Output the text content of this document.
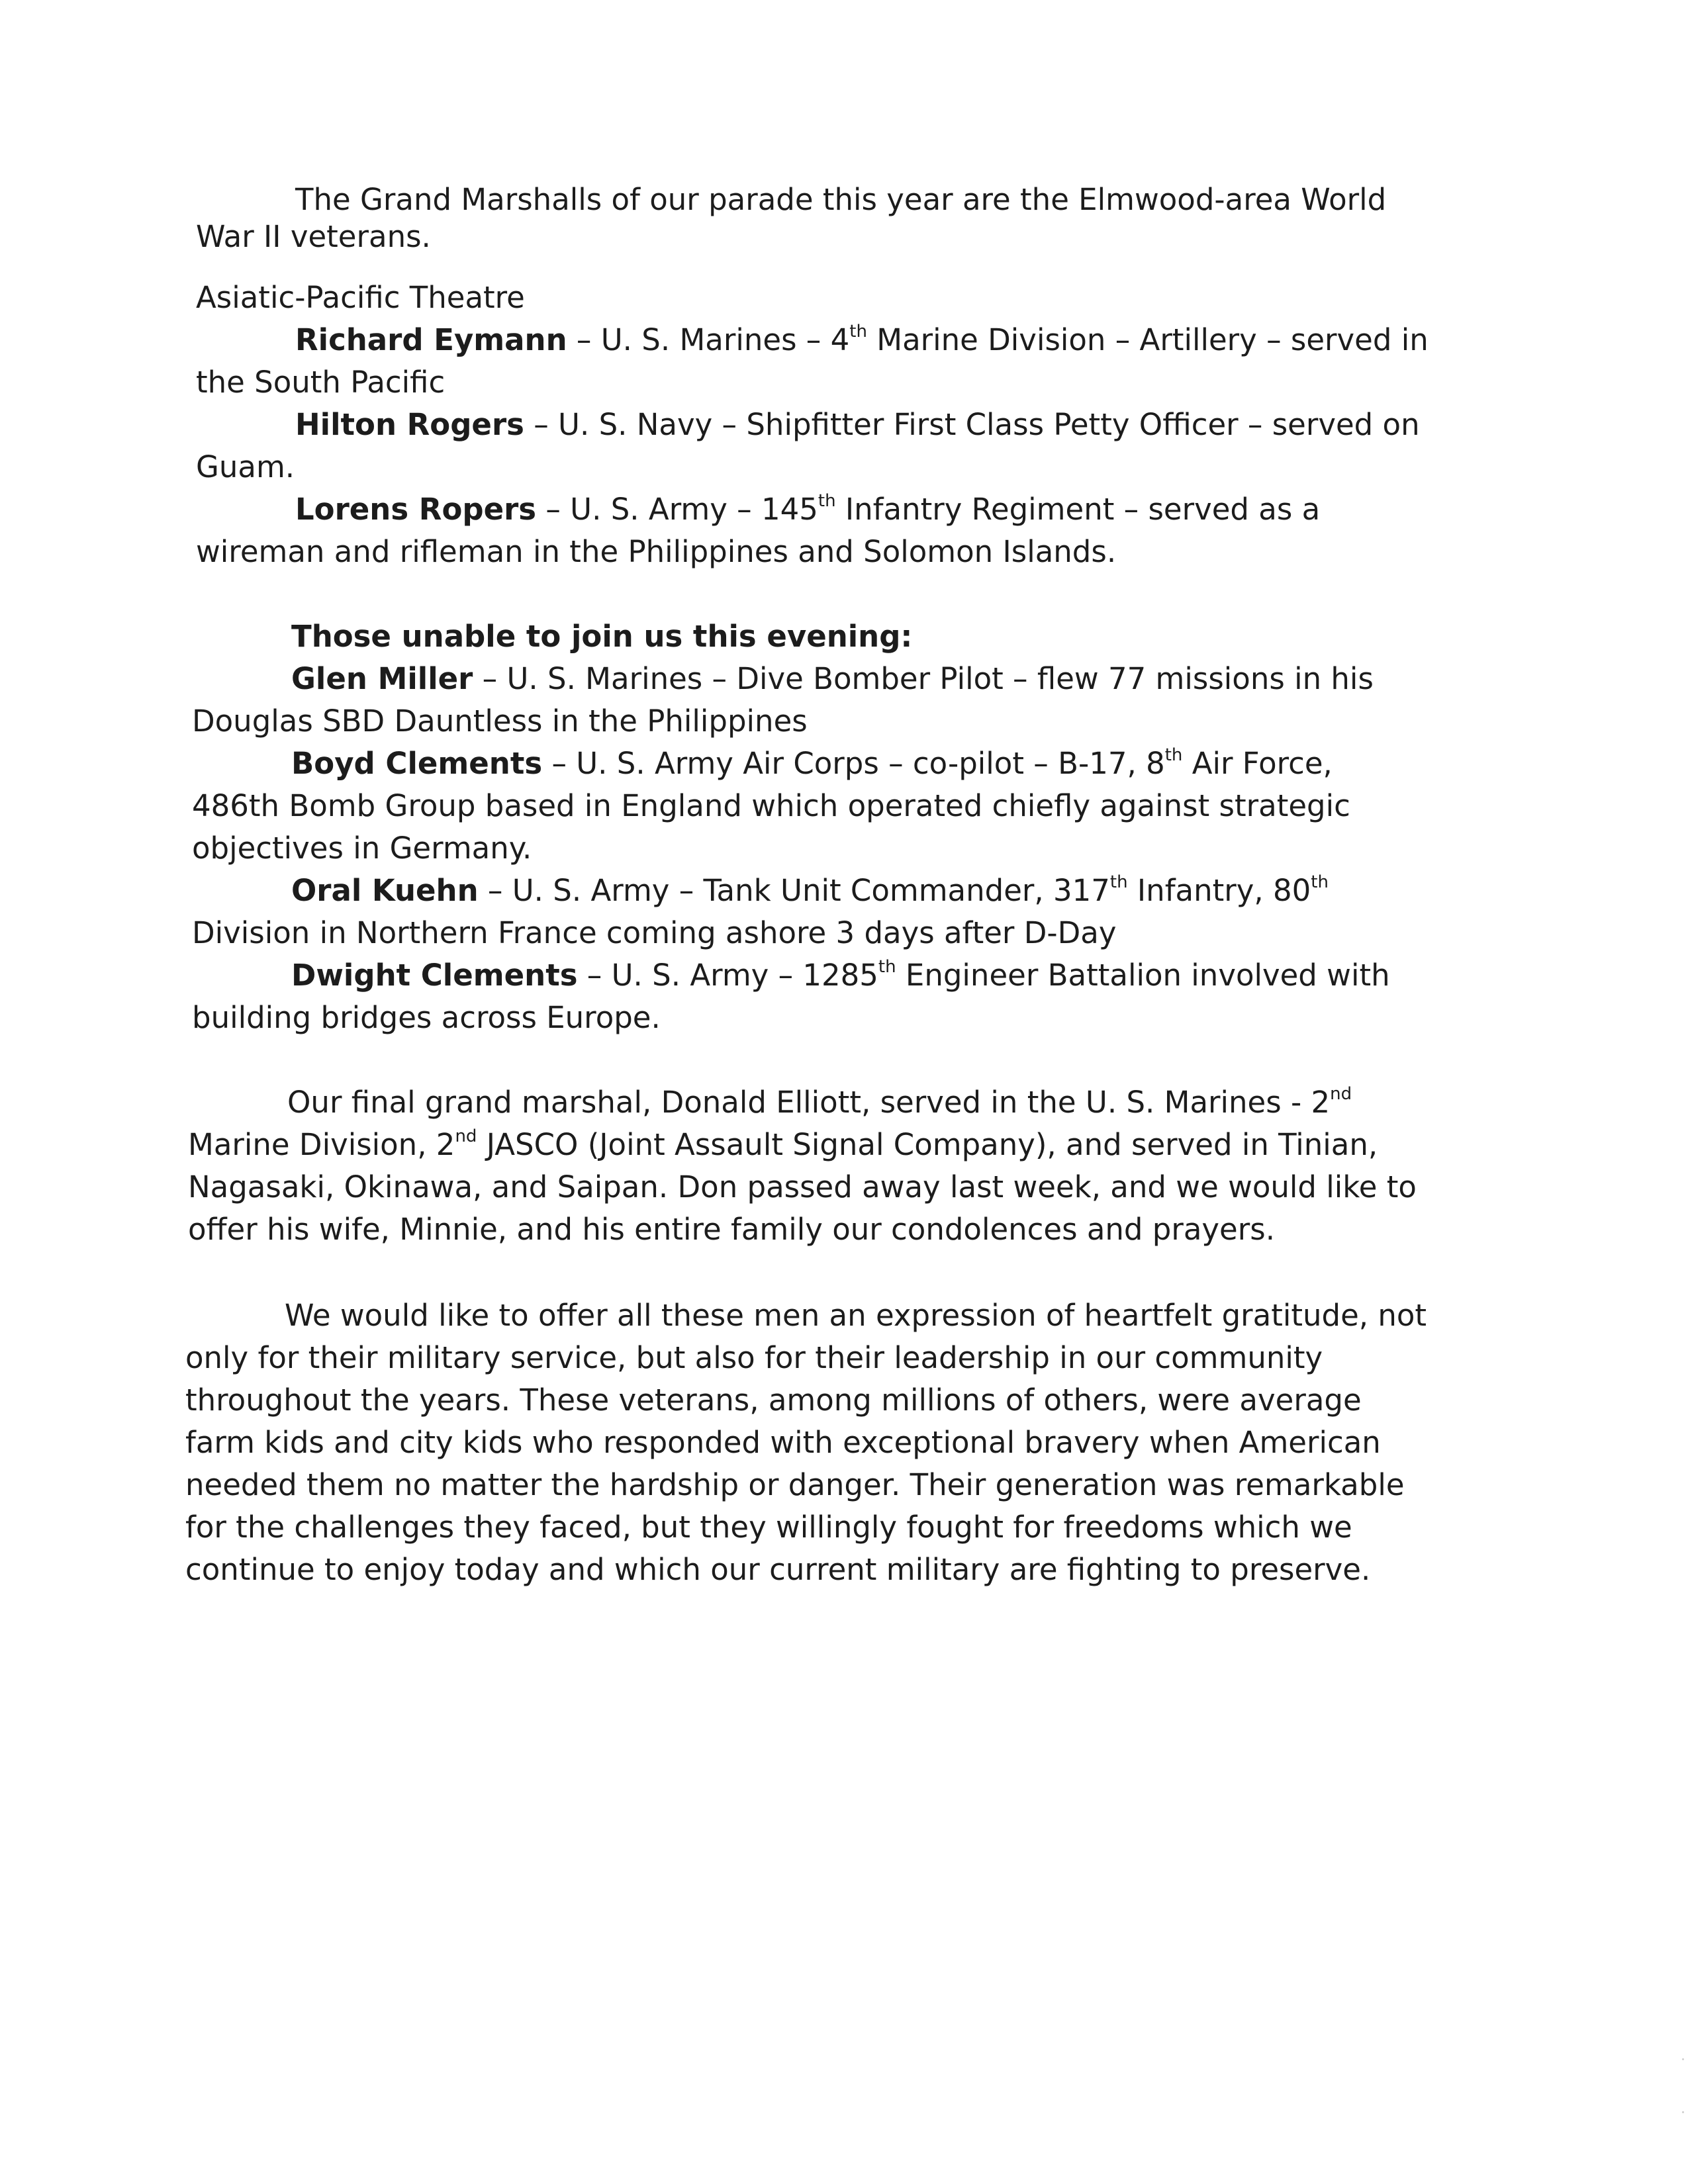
The Grand Marshalls of our parade this year are the Elmwood-area World
War II veterans.
Asiatic-Pacific Theatre
Richard Eymann – U. S. Marines – 4th Marine Division – Artillery – served in
the South Pacific
Hilton Rogers – U. S. Navy – Shipfitter First Class Petty Officer – served on
Guam.
Lorens Ropers – U. S. Army – 145th Infantry Regiment – served as a
wireman and rifleman in the Philippines and Solomon Islands.
Those unable to join us this evening:
Glen Miller – U. S. Marines – Dive Bomber Pilot – flew 77 missions in his
Douglas SBD Dauntless in the Philippines
Boyd Clements – U. S. Army Air Corps – co-pilot – B-17, 8th Air Force,
486th Bomb Group based in England which operated chiefly against strategic
objectives in Germany.
Oral Kuehn – U. S. Army – Tank Unit Commander, 317th Infantry, 80th
Division in Northern France coming ashore 3 days after D-Day
Dwight Clements – U. S. Army – 1285th Engineer Battalion involved with
building bridges across Europe.
Our final grand marshal, Donald Elliott, served in the U. S. Marines - 2nd
Marine Division, 2nd JASCO (Joint Assault Signal Company), and served in Tinian,
Nagasaki, Okinawa, and Saipan. Don passed away last week, and we would like to
offer his wife, Minnie, and his entire family our condolences and prayers.
We would like to offer all these men an expression of heartfelt gratitude, not
only for their military service, but also for their leadership in our community
throughout the years. These veterans, among millions of others, were average
farm kids and city kids who responded with exceptional bravery when American
needed them no matter the hardship or danger. Their generation was remarkable
for the challenges they faced, but they willingly fought for freedoms which we
continue to enjoy today and which our current military are fighting to preserve.
